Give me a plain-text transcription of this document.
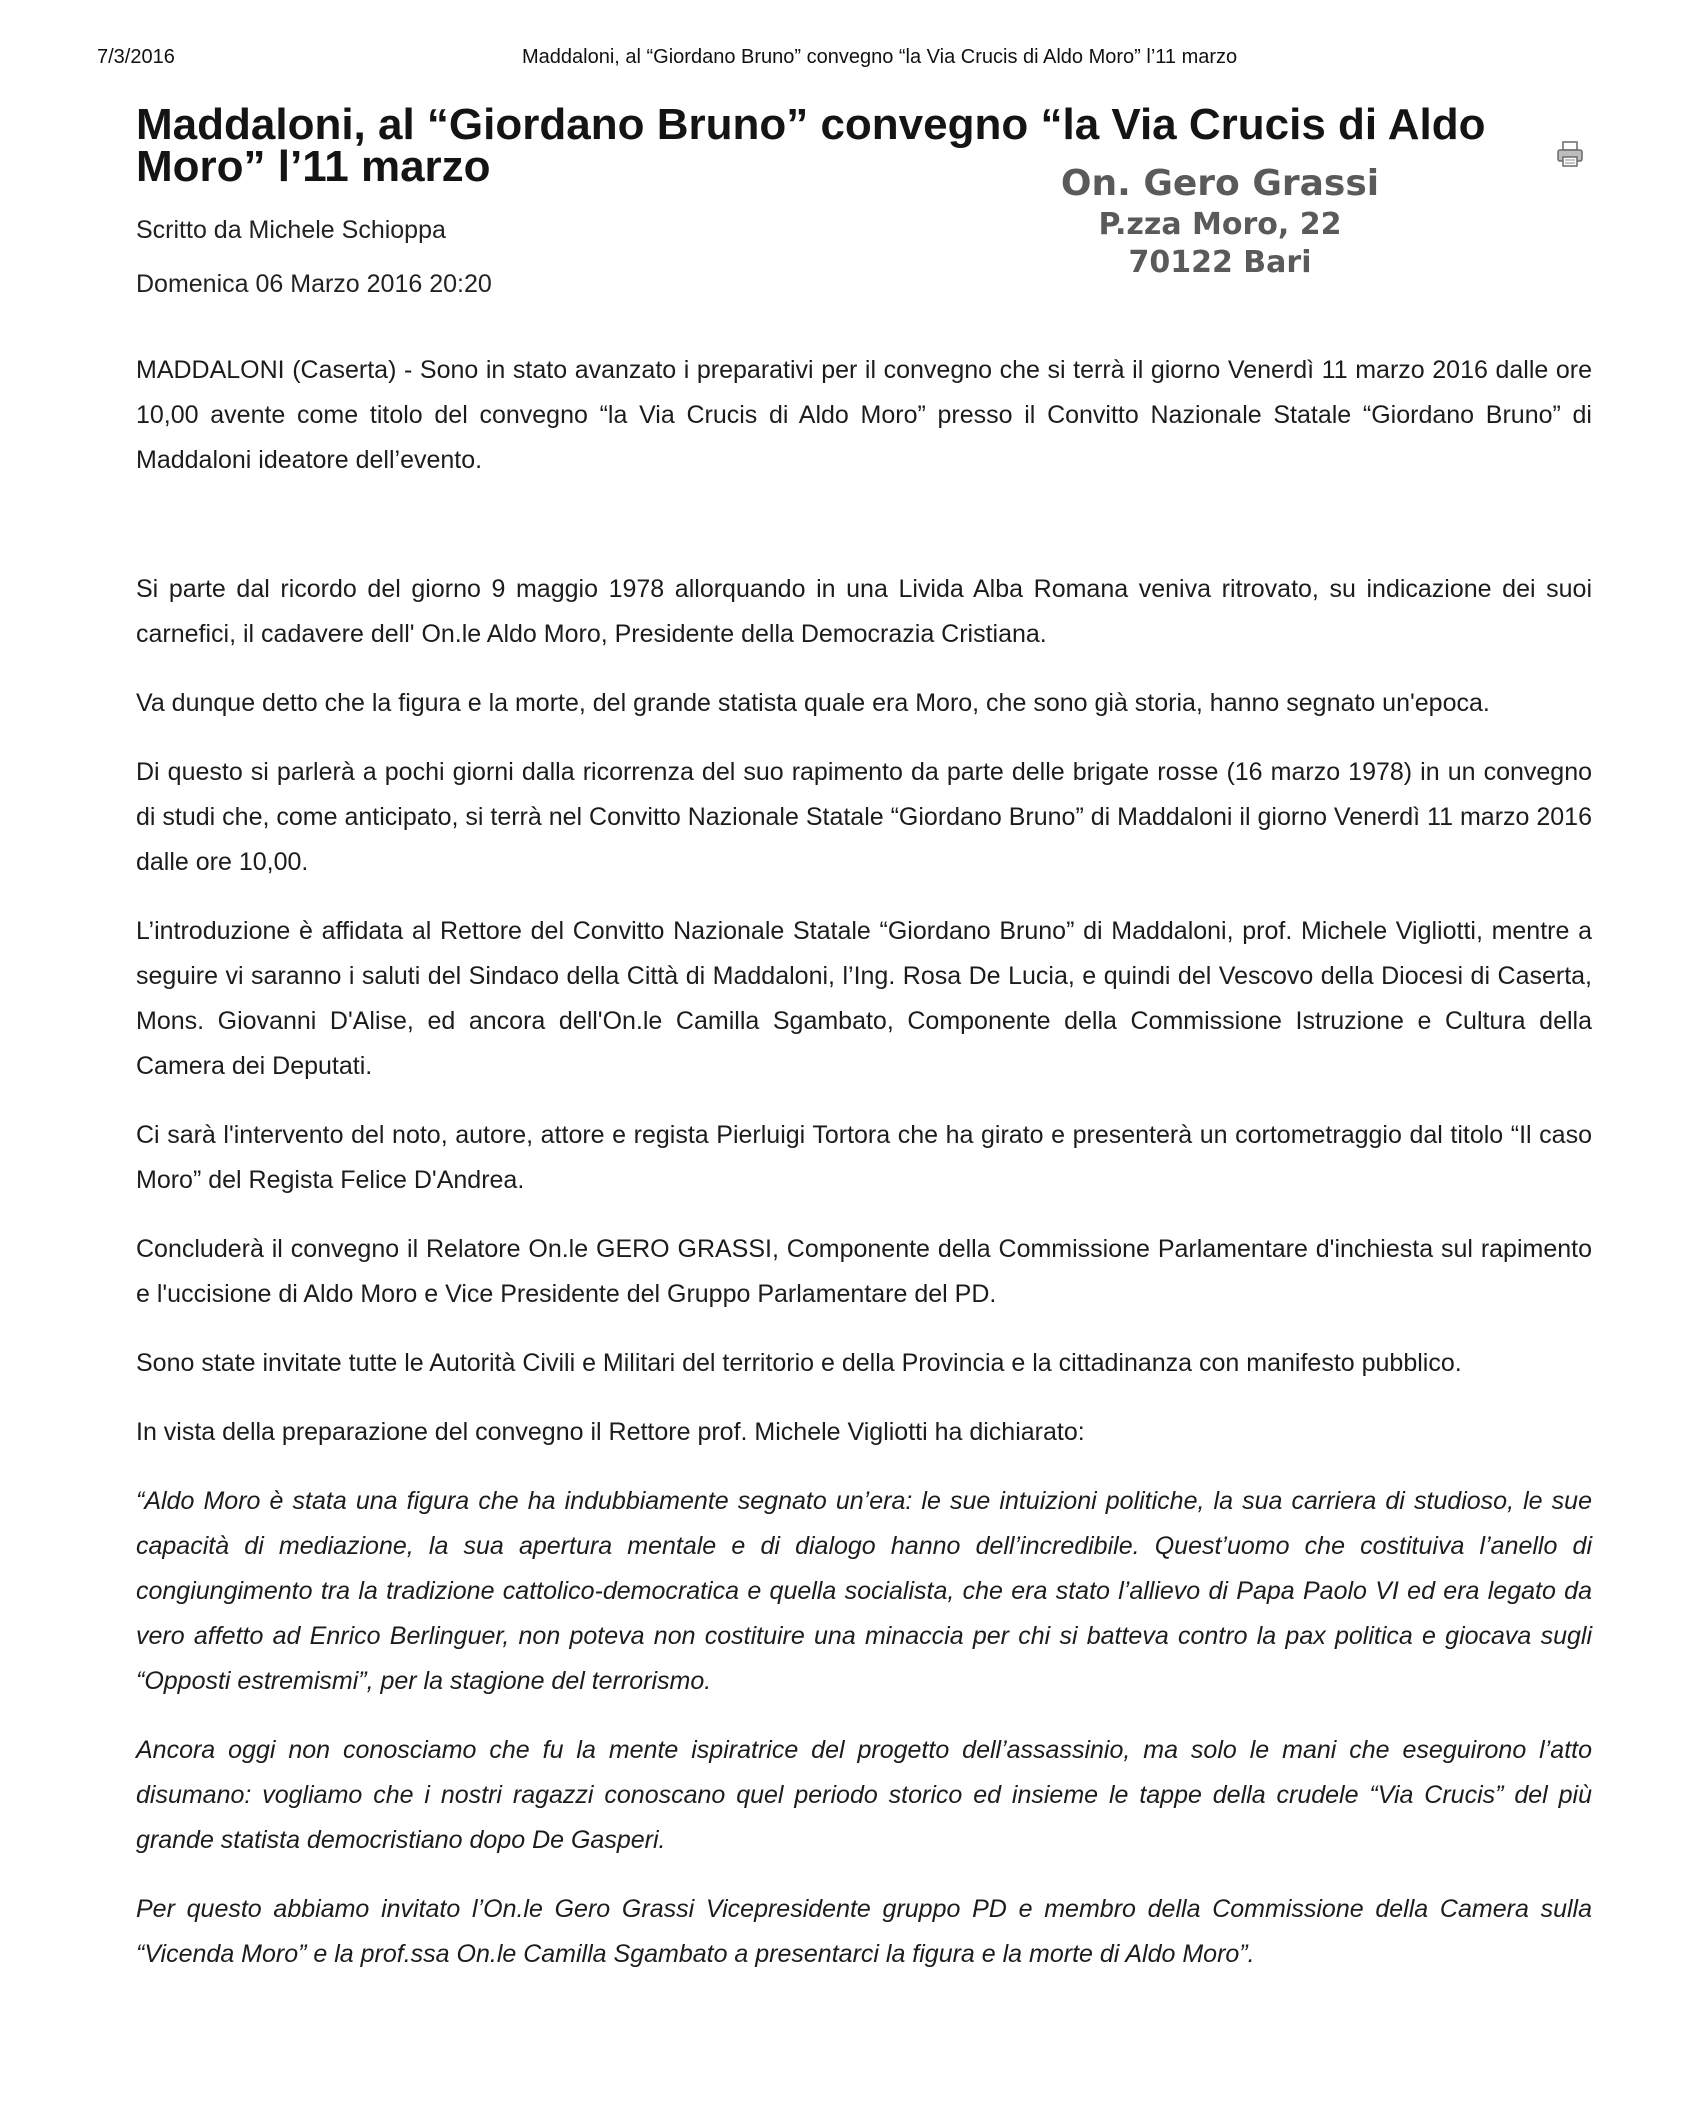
7/3/2016	Maddaloni, al “Giordano Bruno” convegno “la Via Crucis di Aldo Moro” l’11 marzo
Maddaloni, al “Giordano Bruno” convegno “la Via Crucis di Aldo Moro” l’11 marzo	On. Gero Grassi
P.zza Moro, 22
70122 Bari
Scritto da Michele Schioppa
Domenica 06 Marzo 2016 20:20

MADDALONI (Caserta) - Sono in stato avanzato i preparativi per il convegno che si terrà il giorno Venerdì 11 marzo 2016 dalle ore 10,00 avente come titolo del convegno “la Via Crucis di Aldo Moro” presso il Convitto Nazionale Statale “Giordano Bruno” di Maddaloni ideatore dell’evento.

Si parte dal ricordo del giorno 9 maggio 1978 allorquando in una Livida Alba Romana veniva ritrovato, su indicazione dei suoi carnefici, il cadavere dell' On.le Aldo Moro, Presidente della Democrazia Cristiana.

Va dunque detto che la figura e la morte, del grande statista quale era Moro, che sono già storia, hanno segnato un'epoca.

Di questo si parlerà a pochi giorni dalla ricorrenza del suo rapimento da parte delle brigate rosse (16 marzo 1978) in un convegno di studi che, come anticipato, si terrà nel Convitto Nazionale Statale “Giordano Bruno” di Maddaloni il giorno Venerdì 11 marzo 2016 dalle ore 10,00.

L’introduzione è affidata al Rettore del Convitto Nazionale Statale “Giordano Bruno” di Maddaloni, prof. Michele Vigliotti, mentre a seguire vi saranno i saluti del Sindaco della Città di Maddaloni, l’Ing. Rosa De Lucia, e quindi del Vescovo della Diocesi di Caserta, Mons. Giovanni D'Alise, ed ancora dell'On.le Camilla Sgambato, Componente della Commissione Istruzione e Cultura della Camera dei Deputati.

Ci sarà l'intervento del noto, autore, attore e regista Pierluigi Tortora che ha girato e presenterà un cortometraggio dal titolo “Il caso Moro” del Regista Felice D'Andrea.

Concluderà il convegno il Relatore On.le GERO GRASSI, Componente della Commissione Parlamentare d'inchiesta sul rapimento e l'uccisione di Aldo Moro e Vice Presidente del Gruppo Parlamentare del PD.

Sono state invitate tutte le Autorità Civili e Militari del territorio e della Provincia e la cittadinanza con manifesto pubblico.

In vista della preparazione del convegno il Rettore prof. Michele Vigliotti ha dichiarato:

“Aldo Moro è stata una figura che ha indubbiamente segnato un’era: le sue intuizioni politiche, la sua carriera di studioso, le sue capacità di mediazione, la sua apertura mentale e di dialogo hanno dell’incredibile. Quest’uomo che costituiva l’anello di congiungimento tra la tradizione cattolico-democratica e quella socialista, che era stato l’allievo di Papa Paolo VI ed era legato da vero affetto ad Enrico Berlinguer, non poteva non costituire una minaccia per chi si batteva contro la pax politica e giocava sugli “Opposti estremismi”, per la stagione del terrorismo.

Ancora oggi non conosciamo che fu la mente ispiratrice del progetto dell’assassinio, ma solo le mani che eseguirono l’atto disumano: vogliamo che i nostri ragazzi conoscano quel periodo storico ed insieme le tappe della crudele “Via Crucis” del più grande statista democristiano dopo De Gasperi.

Per questo abbiamo invitato l’On.le Gero Grassi Vicepresidente gruppo PD e membro della Commissione della Camera sulla “Vicenda Moro” e la prof.ssa On.le Camilla Sgambato a presentarci la figura e la morte di Aldo Moro”.
